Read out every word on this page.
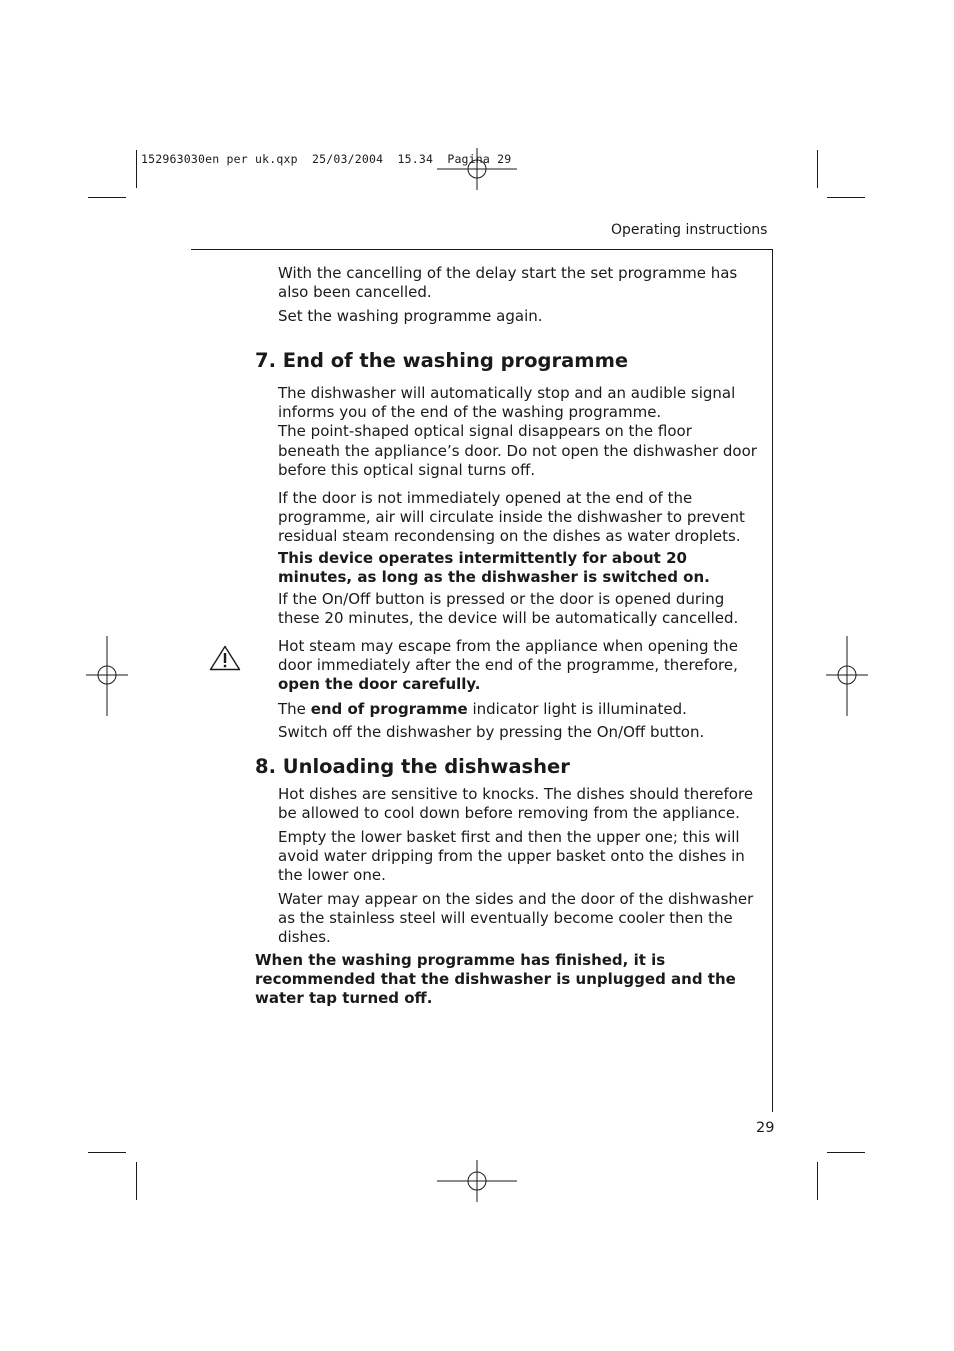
152963030en per uk.qxp  25/03/2004  15.34  Pagina 29
Operating instructions
With the cancelling of the delay start the set programme has also been cancelled.
Set the washing programme again.
7. End of the washing programme
The dishwasher will automatically stop and an audible signal informs you of the end of the washing programme.
The point-shaped optical signal disappears on the floor beneath the appliance’s door. Do not open the dishwasher door before this optical signal turns off.
If the door is not immediately opened at the end of the programme, air will circulate inside the dishwasher to prevent residual steam recondensing on the dishes as water droplets.
This device operates intermittently for about 20 minutes, as long as the dishwasher is switched on.
If the On/Off button is pressed or the door is opened during these 20 minutes, the device will be automatically cancelled.
Hot steam may escape from the appliance when opening the door immediately after the end of the programme, therefore, open the door carefully.
The end of programme indicator light is illuminated.
Switch off the dishwasher by pressing the On/Off button.
8. Unloading the dishwasher
Hot dishes are sensitive to knocks. The dishes should therefore be allowed to cool down before removing from the appliance.
Empty the lower basket first and then the upper one; this will avoid water dripping from the upper basket onto the dishes in the lower one.
Water may appear on the sides and the door of the dishwasher as the stainless steel will eventually become cooler then the dishes.
When the washing programme has finished, it is recommended that the dishwasher is unplugged and the water tap turned off.
29
